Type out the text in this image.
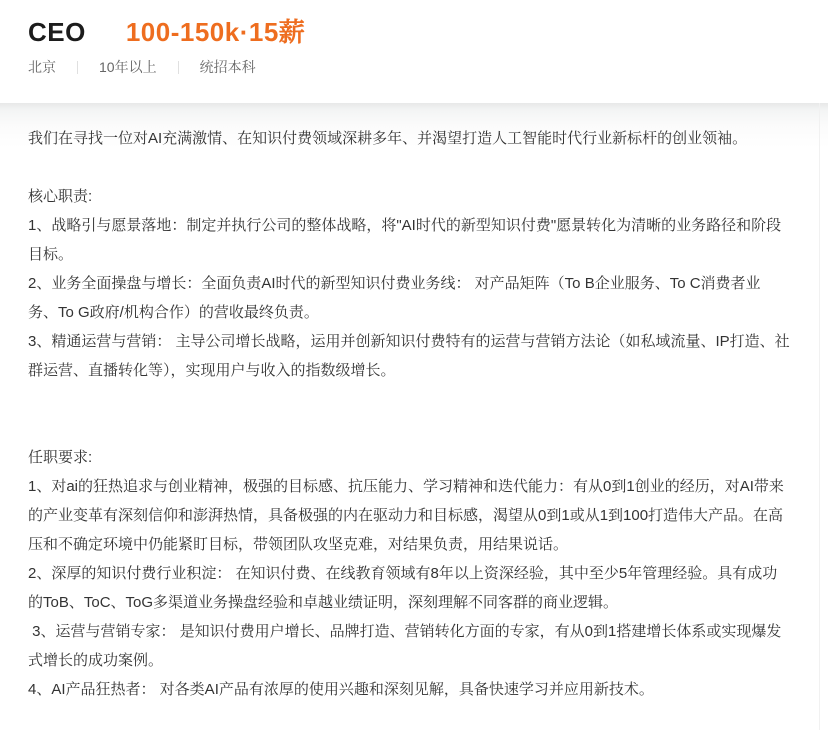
CEO 100-150k·15薪
北京	10年以上	统招本科

我们在寻找一位对AI充满激情、在知识付费领域深耕多年、并渴望打造人工智能时代行业新标杆的创业领袖。

核心职责:

1、战略引与愿景落地：制定并执行公司的整体战略，将"AI时代的新型知识付费"愿景转化为清晰的业务路径和阶段目标。

2、业务全面操盘与增长：全面负责AI时代的新型知识付费业务线： 对产品矩阵（To B企业服务、To C消费者业务、To G政府/机构合作）的营收最终负责。

3、精通运营与营销： 主导公司增长战略，运用并创新知识付费特有的运营与营销方法论（如私域流量、IP打造、社群运营、直播转化等），实现用户与收入的指数级增长。

任职要求:

1、对ai的狂热追求与创业精神，极强的目标感、抗压能力、学习精神和迭代能力：有从0到1创业的经历，对AI带来的产业变革有深刻信仰和澎湃热情，具备极强的内在驱动力和目标感，渴望从0到1或从1到100打造伟大产品。在高压和不确定环境中仍能紧盯目标，带领团队攻坚克难，对结果负责，用结果说话。

2、深厚的知识付费行业积淀： 在知识付费、在线教育领域有8年以上资深经验，其中至少5年管理经验。具有成功的ToB、ToC、ToG多渠道业务操盘经验和卓越业绩证明，深刻理解不同客群的商业逻辑。

3、运营与营销专家： 是知识付费用户增长、品牌打造、营销转化方面的专家，有从0到1搭建增长体系或实现爆发式增长的成功案例。

4、AI产品狂热者： 对各类AI产品有浓厚的使用兴趣和深刻见解，具备快速学习并应用新技术。
